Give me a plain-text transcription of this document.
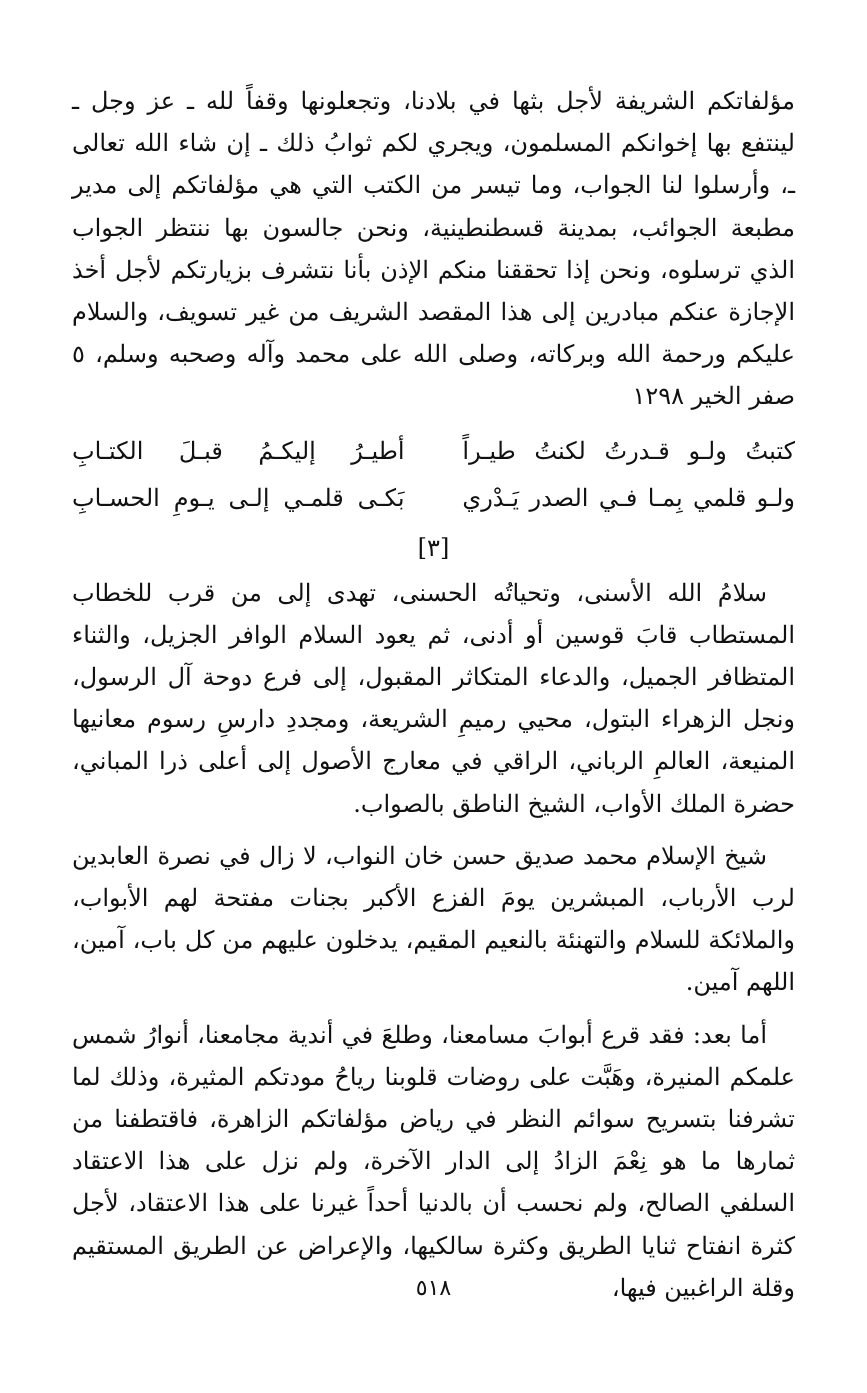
مؤلفاتكم الشريفة لأجل بثها في بلادنا، وتجعلونها وقفاً لله ـ عز وجل ـ لينتفع بها إخوانكم المسلمون، ويجري لكم ثوابُ ذلك ـ إن شاء الله تعالى ـ، وأرسلوا لنا الجواب، وما تيسر من الكتب التي هي مؤلفاتكم إلى مدير مطبعة الجوائب، بمدينة قسطنطينية، ونحن جالسون بها ننتظر الجواب الذي ترسلوه، ونحن إذا تحققنا منكم الإذن بأنا نتشرف بزيارتكم لأجل أخذ الإجازة عنكم مبادرين إلى هذا المقصد الشريف من غير تسويف، والسلام عليكم ورحمة الله وبركاته، وصلى الله على محمد وآله وصحبه وسلم، ٥ صفر الخير ١٢٩٨

كتبتُ ولـو قـدرتُ لكنتُ طيـراً
أطيـرُ إليكـمُ قبـلَ الكتـابِ
ولـو قلمي بِمـا فـي الصدر يَـدْري
بَكـى قلمـي إلـى يـومِ الحسـابِ
[٣]

سلامُ الله الأسنى، وتحياتُه الحسنى، تهدى إلى من قرب للخطاب المستطاب قابَ قوسين أو أدنى، ثم يعود السلام الوافر الجزيل، والثناء المتظافر الجميل، والدعاء المتكاثر المقبول، إلى فرع دوحة آل الرسول، ونجل الزهراء البتول، محيي رميمِ الشريعة، ومجددِ دارسِ رسوم معانيها المنيعة، العالمِ الرباني، الراقي في معارج الأصول إلى أعلى ذرا المباني، حضرة الملك الأواب، الشيخ الناطق بالصواب.

شيخ الإسلام محمد صديق حسن خان النواب، لا زال في نصرة العابدين لرب الأرباب، المبشرين يومَ الفزع الأكبر بجنات مفتحة لهم الأبواب، والملائكة للسلام والتهنئة بالنعيم المقيم، يدخلون عليهم من كل باب، آمين، اللهم آمين.

أما بعد: فقد قرع أبوابَ مسامعنا، وطلعَ في أندية مجامعنا، أنوارُ شمس علمكم المنيرة، وهَبَّت على روضات قلوبنا رياحُ مودتكم المثيرة، وذلك لما تشرفنا بتسريح سوائم النظر في رياض مؤلفاتكم الزاهرة، فاقتطفنا من ثمارها ما هو نِعْمَ الزادُ إلى الدار الآخرة، ولم نزل على هذا الاعتقاد السلفي الصالح، ولم نحسب أن بالدنيا أحداً غيرنا على هذا الاعتقاد، لأجل كثرة انفتاح ثنايا الطريق وكثرة سالكيها، والإعراض عن الطريق المستقيم وقلة الراغبين فيها،

٥١٨
